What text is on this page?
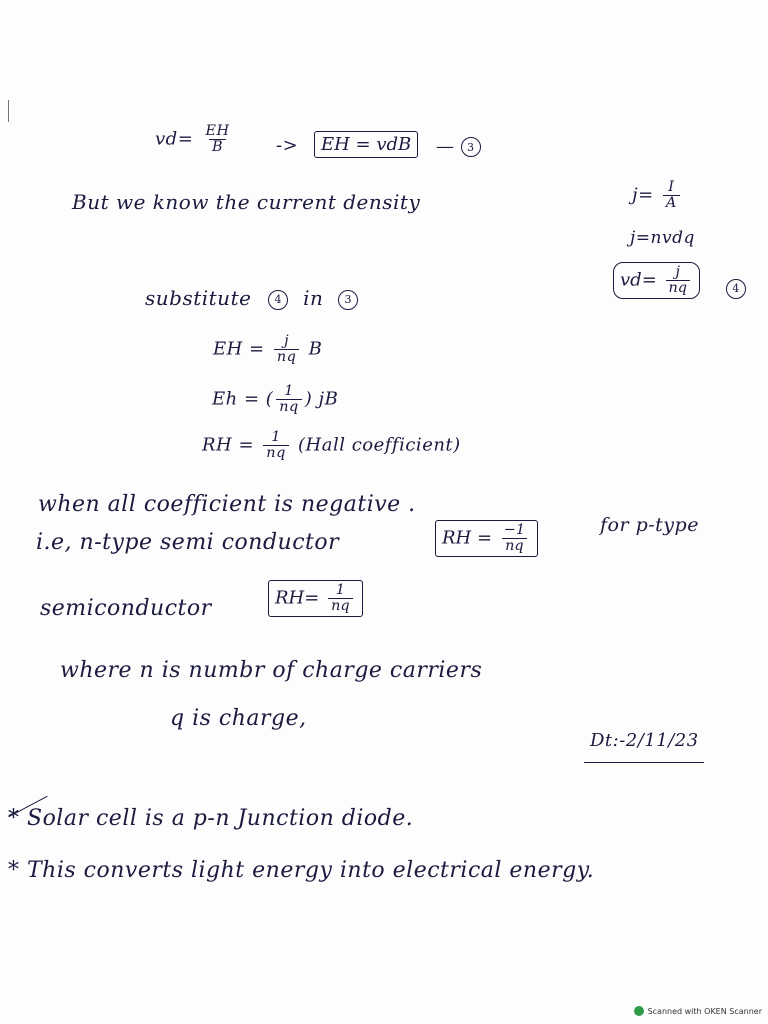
$vd= \frac{EH}{B}$ ->	EH = vdB	— 3
But we know the current density	$j= \frac{I}{A}$
j=nvdq
$vd= \frac{j}{nq}$	4
substitute 4 in 3
EH = $\frac{j}{nq}$ B
Eh = ( $\frac{1}{nq}$ ) jB
RH = $\frac{1}{nq}$ (Hall coefficient)
when all coefficient is negative .
i.e, n-type semi conductor	RH = $\frac{-1}{nq}$	for p-type
semiconductor	$RH= \frac{1}{nq}$
where n is numbr of charge carriers
q is charge,
Dt:-2/11/23
* Solar cell is a p-n Junction diode.
* This converts light energy into electrical energy.
Scanned with OKEN Scanner
